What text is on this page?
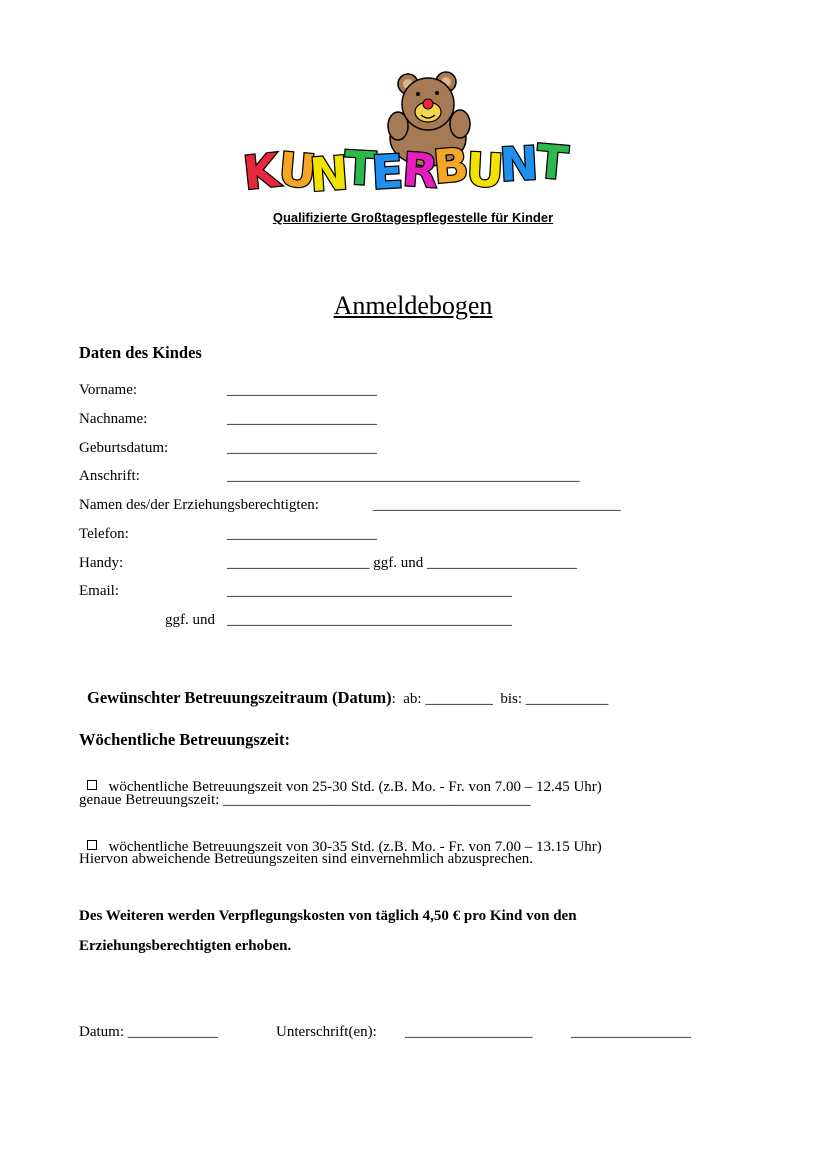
K
U
N
T
E
R
B
U
N
T
Qualifizierte Großtagespflegestelle für Kinder
Anmeldebogen
Daten des Kindes
Vorname:	____________________
Nachname:	____________________
Geburtsdatum:	____________________
Anschrift:	_______________________________________________
Namen des/der Erziehungsberechtigten:	_________________________________
Telefon:	____________________
Handy:	___________________ ggf. und ____________________
Email:	______________________________________
ggf. und ______________________________________

Gewünschter Betreuungszeitraum (Datum):  ab: _________  bis: ___________

Wöchentliche Betreuungszeit:

wöchentliche Betreuungszeit von 25-30 Std. (z.B. Mo. - Fr. von 7.00 – 12.45 Uhr)

genaue Betreuungszeit: _________________________________________

wöchentliche Betreuungszeit von 30-35 Std. (z.B. Mo. - Fr. von 7.00 – 13.15 Uhr)

Hiervon abweichende Betreuungszeiten sind einvernehmlich abzusprechen.
Des Weiteren werden Verpflegungskosten von täglich 4,50 € pro Kind von den
Erziehungsberechtigten erhoben.
Datum: ____________	Unterschrift(en): _________________	________________
